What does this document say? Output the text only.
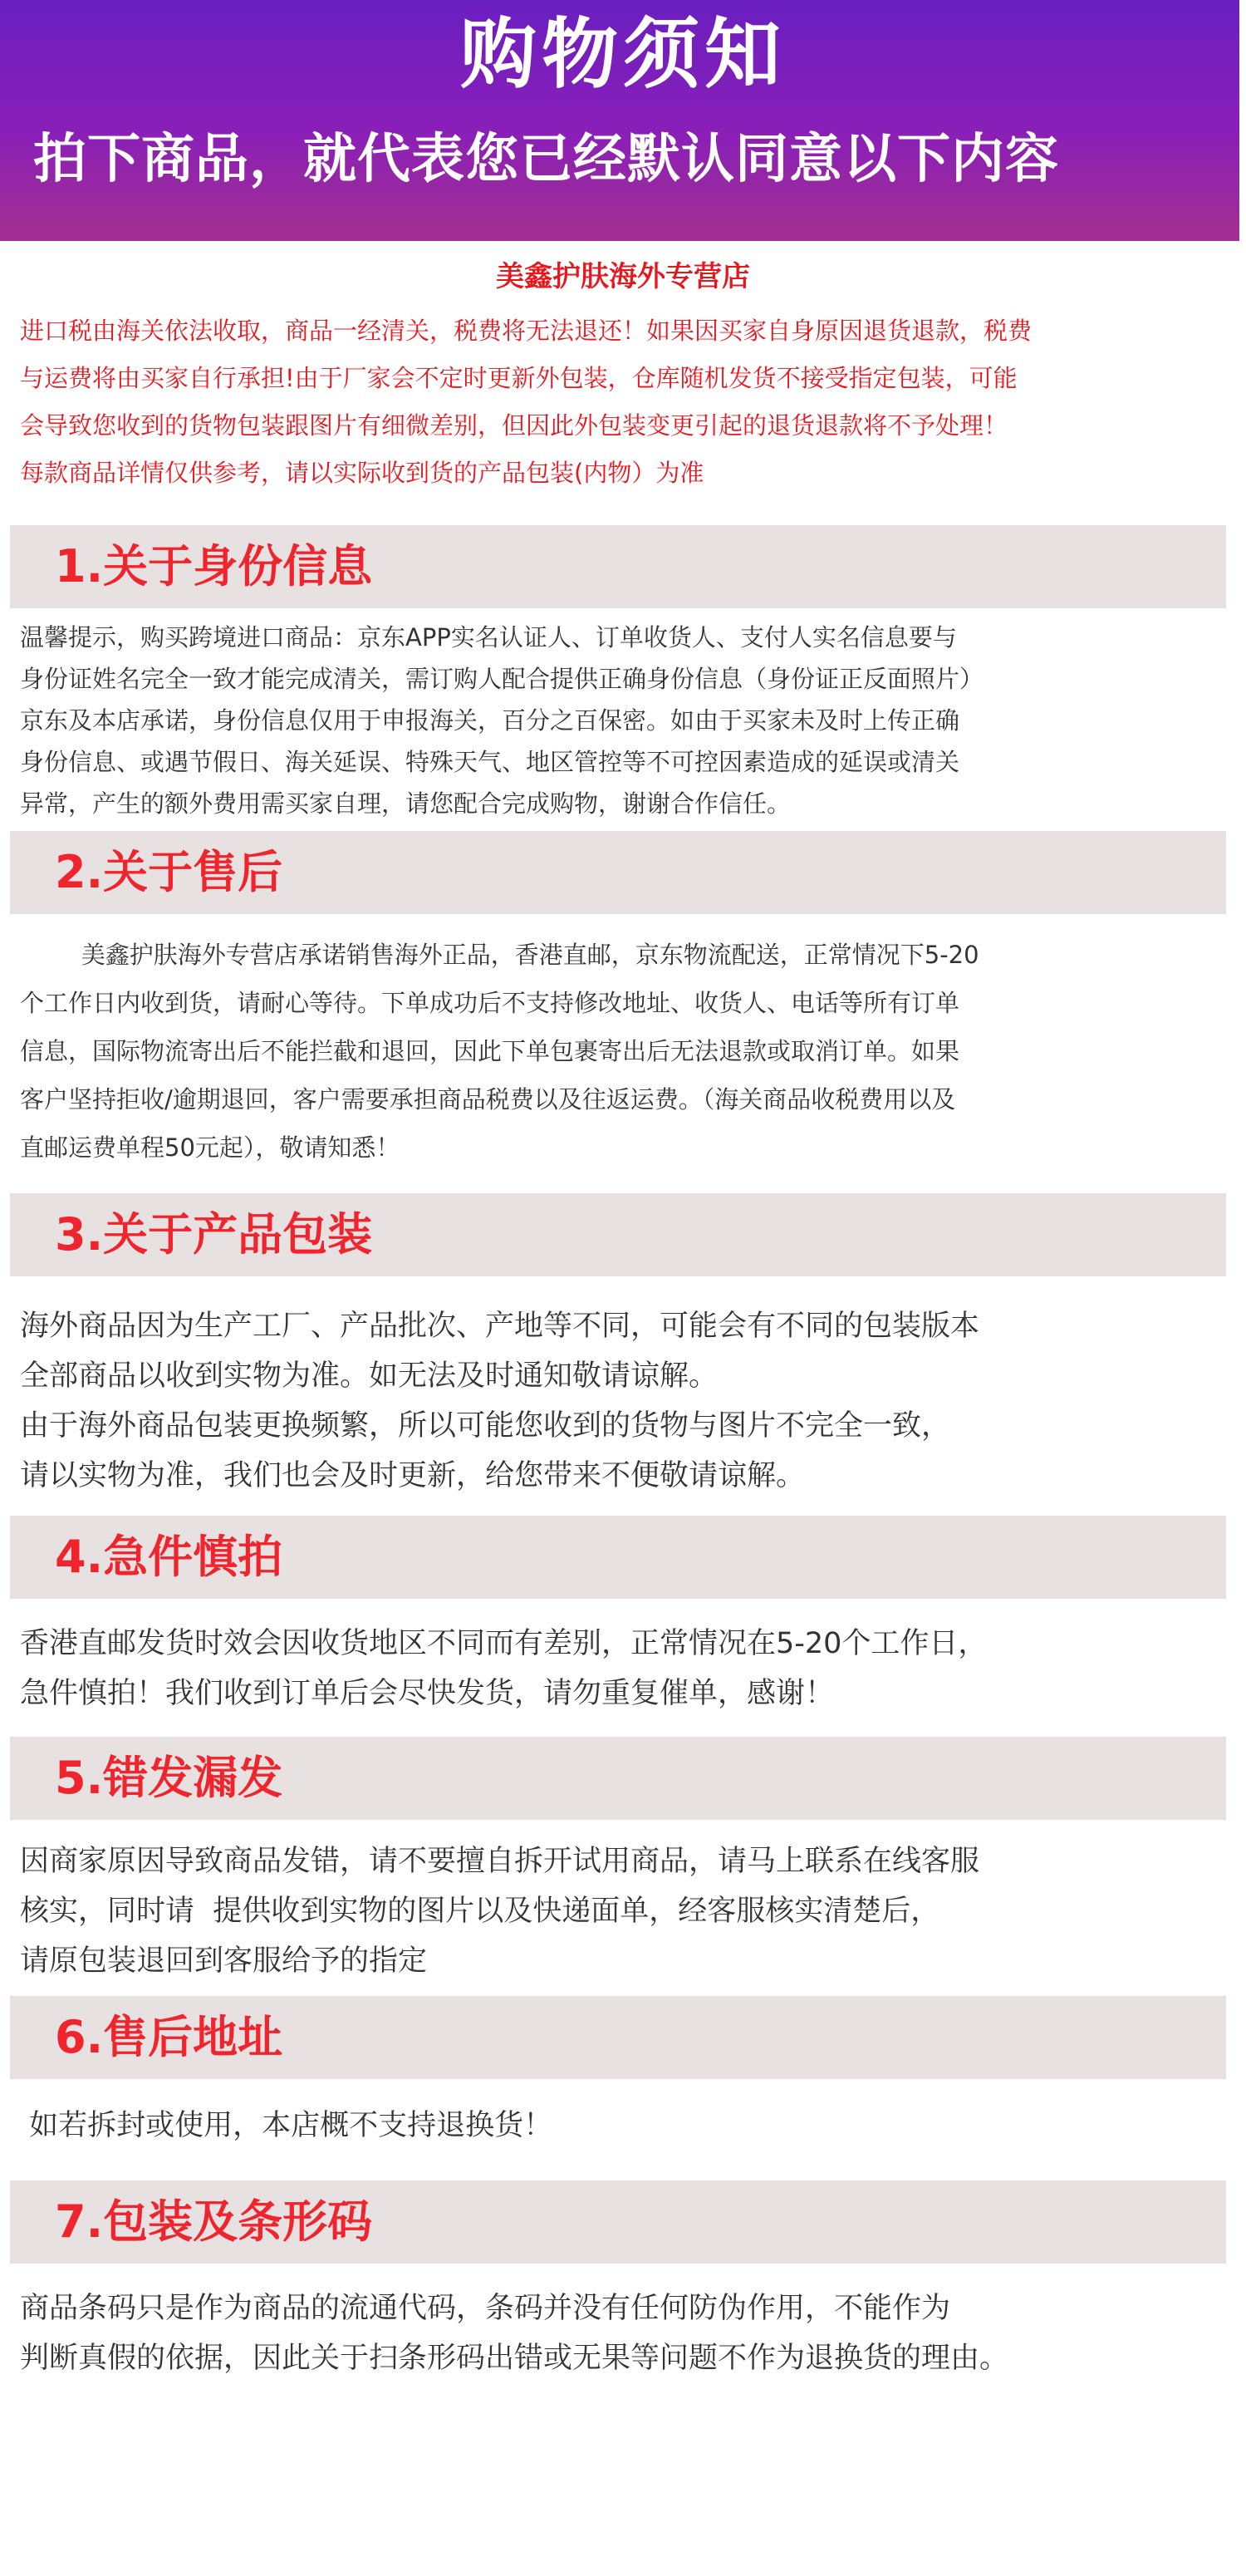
购物须知
拍下商品，就代表您已经默认同意以下内容
美鑫护肤海外专营店

进口税由海关依法收取，商品一经清关，税费将无法退还！如果因买家自身原因退货退款，税费

与运费将由买家自行承担!由于厂家会不定时更新外包装，仓库随机发货不接受指定包装，可能

会导致您收到的货物包装跟图片有细微差别，但因此外包装变更引起的退货退款将不予处理！

每款商品详情仅供参考，请以实际收到货的产品包装(内物）为准

1.关于身份信息

温馨提示，购买跨境进口商品：京东APP实名认证人、订单收货人、支付人实名信息要与

身份证姓名完全一致才能完成清关，需订购人配合提供正确身份信息（身份证正反面照片）

京东及本店承诺，身份信息仅用于申报海关，百分之百保密。如由于买家未及时上传正确

身份信息、或遇节假日、海关延误、特殊天气、地区管控等不可控因素造成的延误或清关

异常，产生的额外费用需买家自理，请您配合完成购物，谢谢合作信任。

2.关于售后

美鑫护肤海外专营店承诺销售海外正品，香港直邮，京东物流配送，正常情况下5-20

个工作日内收到货，请耐心等待。下单成功后不支持修改地址、收货人、电话等所有订单

信息，国际物流寄出后不能拦截和退回，因此下单包裹寄出后无法退款或取消订单。如果

客户坚持拒收/逾期退回，客户需要承担商品税费以及往返运费。（海关商品收税费用以及

直邮运费单程50元起），敬请知悉！

3.关于产品包装

海外商品因为生产工厂、产品批次、产地等不同，可能会有不同的包装版本

全部商品以收到实物为准。如无法及时通知敬请谅解。

由于海外商品包装更换频繁，所以可能您收到的货物与图片不完全一致，

请以实物为准，我们也会及时更新，给您带来不便敬请谅解。

4.急件慎拍

香港直邮发货时效会因收货地区不同而有差别，正常情况在5-20个工作日，

急件慎拍！我们收到订单后会尽快发货，请勿重复催单，感谢！

5.错发漏发

因商家原因导致商品发错，请不要擅自拆开试用商品，请马上联系在线客服

核实，同时请  提供收到实物的图片以及快递面单，经客服核实清楚后，

请原包装退回到客服给予的指定

6.售后地址

如若拆封或使用，本店概不支持退换货！

7.包装及条形码

商品条码只是作为商品的流通代码，条码并没有任何防伪作用，不能作为

判断真假的依据，因此关于扫条形码出错或无果等问题不作为退换货的理由。
